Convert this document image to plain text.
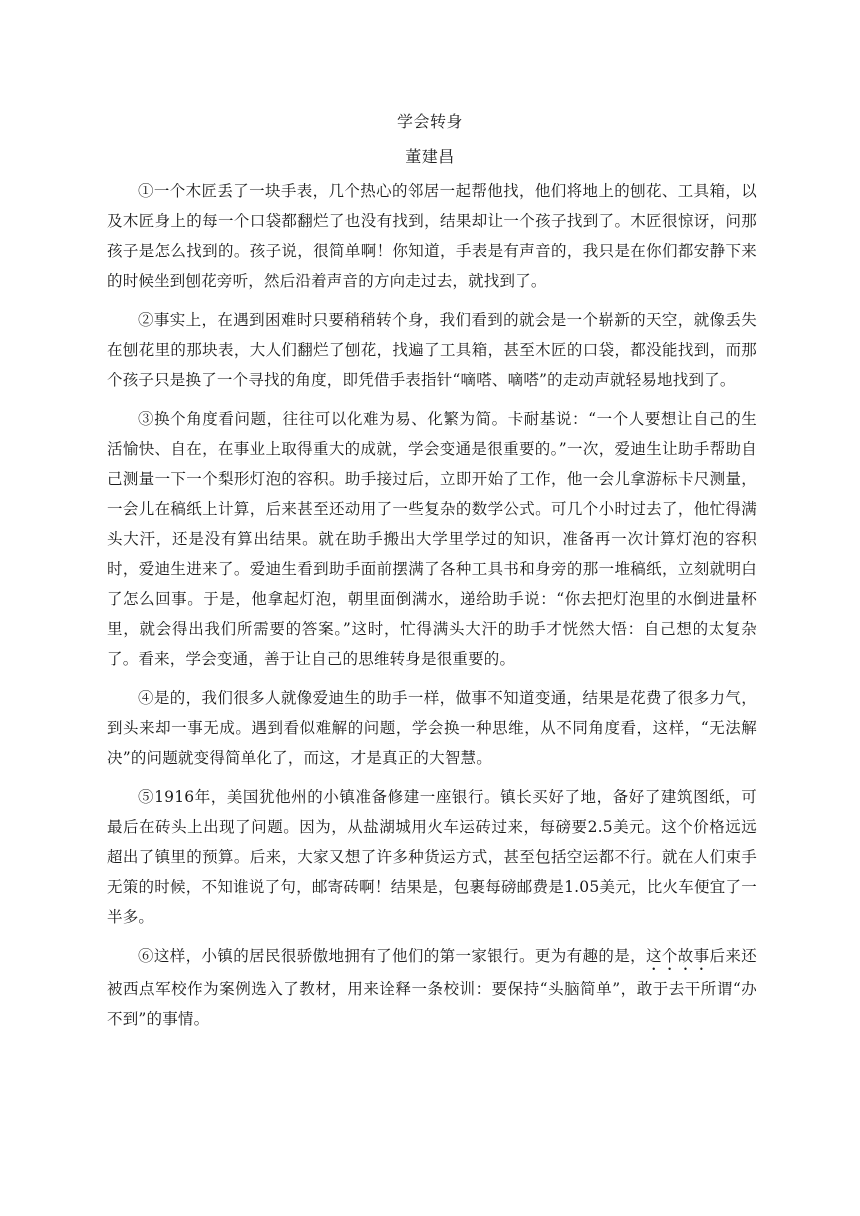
学会转身
董建昌

①一个木匠丢了一块手表，几个热心的邻居一起帮他找，他们将地上的刨花、工具箱，以及木匠身上的每一个口袋都翻烂了也没有找到，结果却让一个孩子找到了。木匠很惊讶，问那孩子是怎么找到的。孩子说，很简单啊！你知道，手表是有声音的，我只是在你们都安静下来的时候坐到刨花旁听，然后沿着声音的方向走过去，就找到了。

②事实上，在遇到困难时只要稍稍转个身，我们看到的就会是一个崭新的天空，就像丢失在刨花里的那块表，大人们翻烂了刨花，找遍了工具箱，甚至木匠的口袋，都没能找到，而那个孩子只是换了一个寻找的角度，即凭借手表指针“嘀嗒、嘀嗒”的走动声就轻易地找到了。

③换个角度看问题，往往可以化难为易、化繁为简。卡耐基说：“一个人要想让自己的生活愉快、自在，在事业上取得重大的成就，学会变通是很重要的。”一次，爱迪生让助手帮助自己测量一下一个梨形灯泡的容积。助手接过后，立即开始了工作，他一会儿拿游标卡尺测量，一会儿在稿纸上计算，后来甚至还动用了一些复杂的数学公式。可几个小时过去了，他忙得满头大汗，还是没有算出结果。就在助手搬出大学里学过的知识，准备再一次计算灯泡的容积时，爱迪生进来了。爱迪生看到助手面前摆满了各种工具书和身旁的那一堆稿纸，立刻就明白了怎么回事。于是，他拿起灯泡，朝里面倒满水，递给助手说：“你去把灯泡里的水倒进量杯里，就会得出我们所需要的答案。”这时，忙得满头大汗的助手才恍然大悟：自己想的太复杂了。看来，学会变通，善于让自己的思维转身是很重要的。

④是的，我们很多人就像爱迪生的助手一样，做事不知道变通，结果是花费了很多力气，到头来却一事无成。遇到看似难解的问题，学会换一种思维，从不同角度看，这样，“无法解决”的问题就变得简单化了，而这，才是真正的大智慧。

⑤1916年，美国犹他州的小镇准备修建一座银行。镇长买好了地，备好了建筑图纸，可最后在砖头上出现了问题。因为，从盐湖城用火车运砖过来，每磅要2.5美元。这个价格远远超出了镇里的预算。后来，大家又想了许多种货运方式，甚至包括空运都不行。就在人们束手无策的时候，不知谁说了句，邮寄砖啊！结果是，包裹每磅邮费是1.05美元，比火车便宜了一半多。

⑥这样，小镇的居民很骄傲地拥有了他们的第一家银行。更为有趣的是，这个故事后来还被西点军校作为案例选入了教材，用来诠释一条校训：要保持“头脑简单”，敢于去干所谓“办不到”的事情。
